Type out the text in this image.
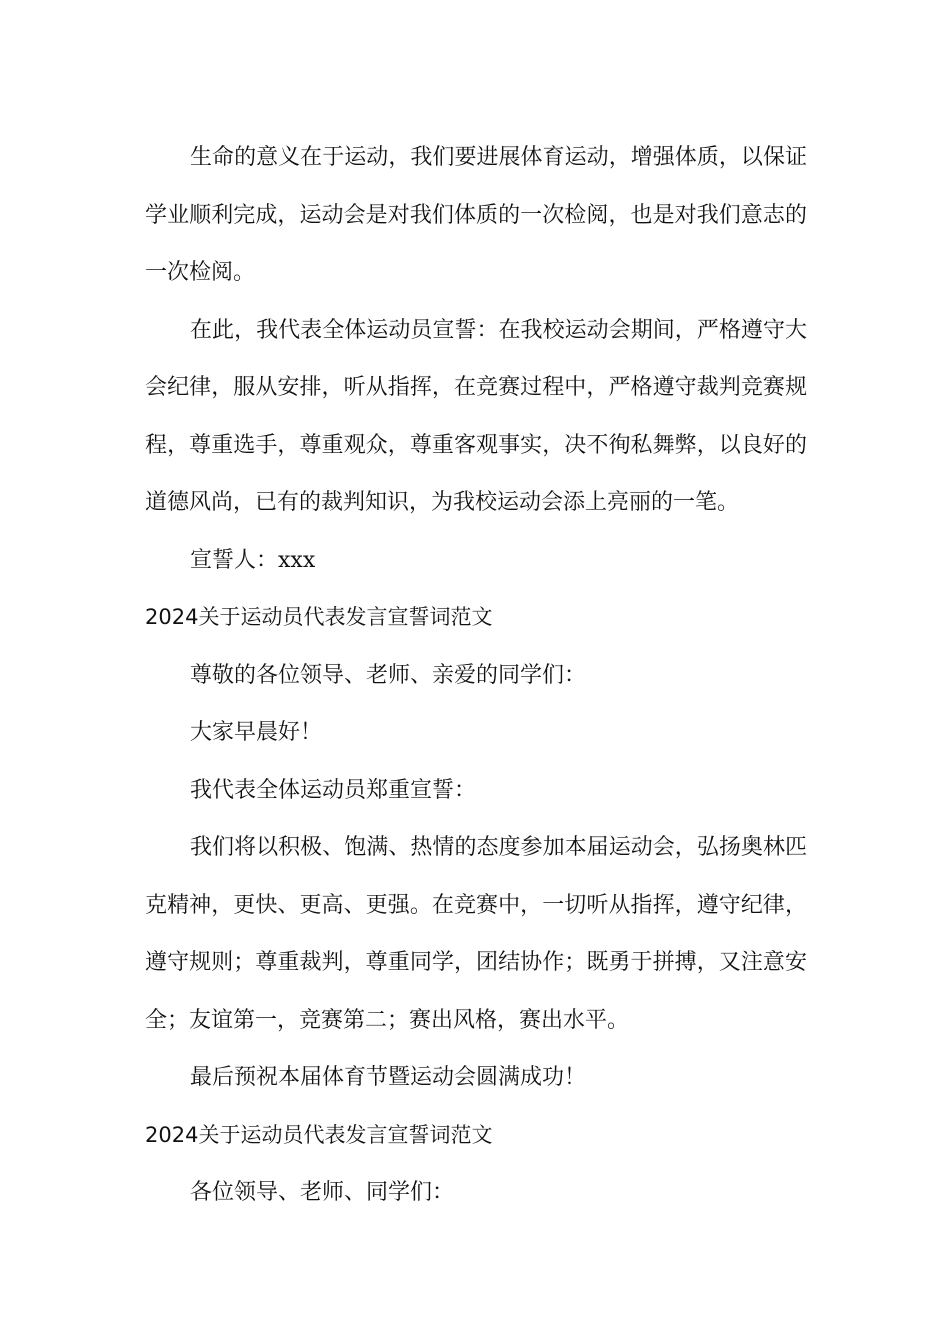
生命的意义在于运动，我们要进展体育运动，增强体质，以保证学业顺利完成，运动会是对我们体质的一次检阅，也是对我们意志的一次检阅。

在此，我代表全体运动员宣誓：在我校运动会期间，严格遵守大会纪律，服从安排，听从指挥，在竞赛过程中，严格遵守裁判竞赛规程，尊重选手，尊重观众，尊重客观事实，决不徇私舞弊，以良好的道德风尚，已有的裁判知识，为我校运动会添上亮丽的一笔。

宣誓人：xxx

2024关于运动员代表发言宣誓词范文

尊敬的各位领导、老师、亲爱的同学们：

大家早晨好！

我代表全体运动员郑重宣誓：

我们将以积极、饱满、热情的态度参加本届运动会，弘扬奥林匹克精神，更快、更高、更强。在竞赛中，一切听从指挥，遵守纪律，遵守规则；尊重裁判，尊重同学，团结协作；既勇于拼搏，又注意安全；友谊第一，竞赛第二；赛出风格，赛出水平。

最后预祝本届体育节暨运动会圆满成功！

2024关于运动员代表发言宣誓词范文

各位领导、老师、同学们：
